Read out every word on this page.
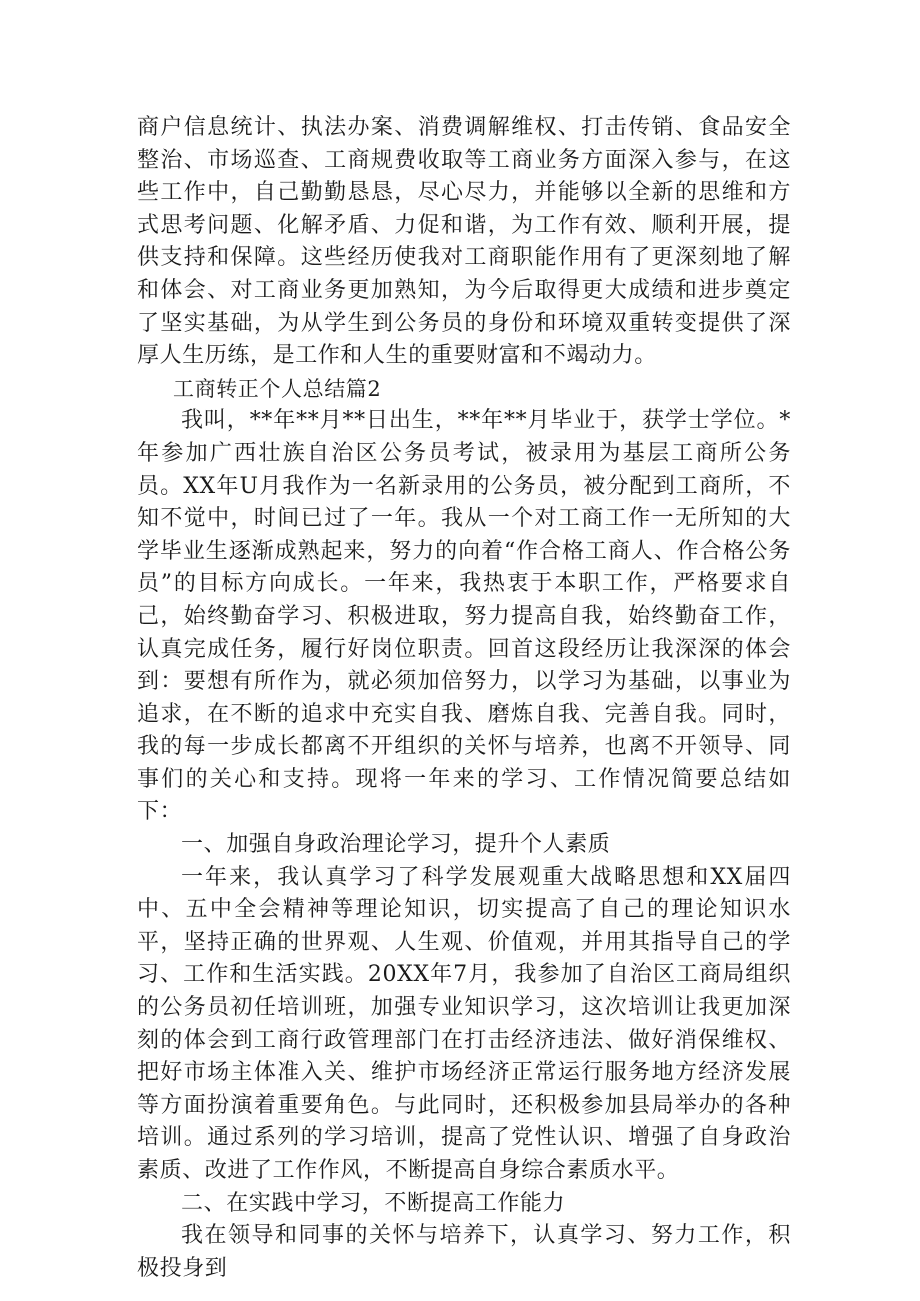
商户信息统计、执法办案、消费调解维权、打击传销、食品安全整治、市场巡查、工商规费收取等工商业务方面深入参与，在这些工作中，自己勤勤恳恳，尽心尽力，并能够以全新的思维和方式思考问题、化解矛盾、力促和谐，为工作有效、顺利开展，提供支持和保障。这些经历使我对工商职能作用有了更深刻地了解和体会、对工商业务更加熟知，为今后取得更大成绩和进步奠定了坚实基础，为从学生到公务员的身份和环境双重转变提供了深厚人生历练，是工作和人生的重要财富和不竭动力。

工商转正个人总结篇2

我叫，**年**月**日出生，**年**月毕业于，获学士学位。*年参加广西壮族自治区公务员考试，被录用为基层工商所公务员。XX年U月我作为一名新录用的公务员，被分配到工商所，不知不觉中，时间已过了一年。我从一个对工商工作一无所知的大学毕业生逐渐成熟起来，努力的向着“作合格工商人、作合格公务员”的目标方向成长。一年来，我热衷于本职工作，严格要求自己，始终勤奋学习、积极进取，努力提高自我，始终勤奋工作，认真完成任务，履行好岗位职责。回首这段经历让我深深的体会到：要想有所作为，就必须加倍努力，以学习为基础，以事业为追求，在不断的追求中充实自我、磨炼自我、完善自我。同时，我的每一步成长都离不开组织的关怀与培养，也离不开领导、同事们的关心和支持。现将一年来的学习、工作情况简要总结如下：

一、加强自身政治理论学习，提升个人素质

一年来，我认真学习了科学发展观重大战略思想和XX届四中、五中全会精神等理论知识，切实提高了自己的理论知识水平，坚持正确的世界观、人生观、价值观，并用其指导自己的学习、工作和生活实践。20XX年7月，我参加了自治区工商局组织的公务员初任培训班，加强专业知识学习，这次培训让我更加深刻的体会到工商行政管理部门在打击经济违法、做好消保维权、把好市场主体准入关、维护市场经济正常运行服务地方经济发展等方面扮演着重要角色。与此同时，还积极参加县局举办的各种培训。通过系列的学习培训，提高了党性认识、增强了自身政治素质、改进了工作作风，不断提高自身综合素质水平。

二、在实践中学习，不断提高工作能力

我在领导和同事的关怀与培养下，认真学习、努力工作，积极投身到
